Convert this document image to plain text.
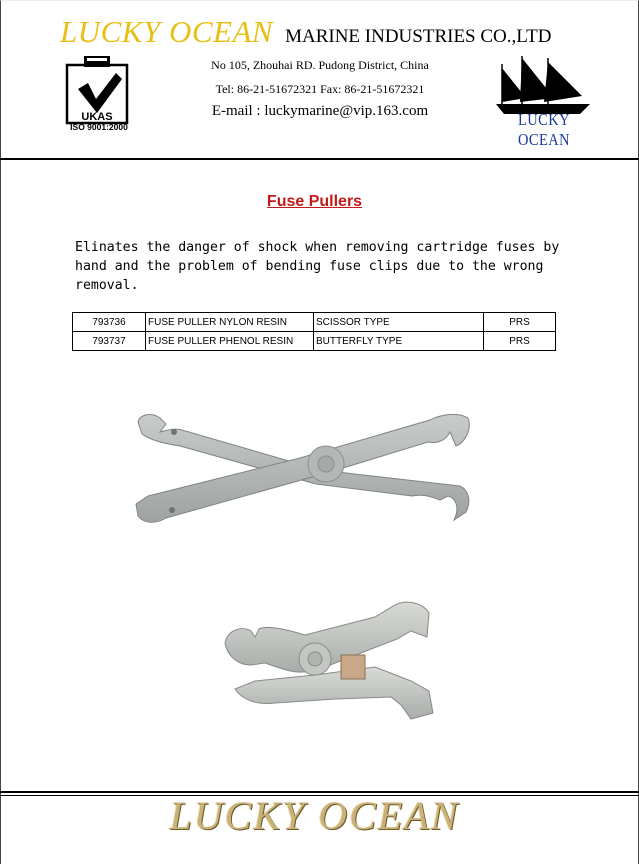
LUCKY OCEAN MARINE INDUSTRIES CO.,LTD
UKAS
ISO 9001:2000
No 105, Zhouhai RD. Pudong District, China
Tel: 86-21-51672321 Fax: 86-21-51672321
E-mail : luckymarine@vip.163.com	LUCKY OCEAN
Fuse Pullers
Elinates the danger of shock when removing cartridge fuses by hand and the problem of bending fuse clips due to the wrong removal.
793736	FUSE PULLER NYLON RESIN	SCISSOR TYPE	PRS
793737	FUSE PULLER PHENOL RESIN	BUTTERFLY TYPE	PRS
LUCKY OCEAN
